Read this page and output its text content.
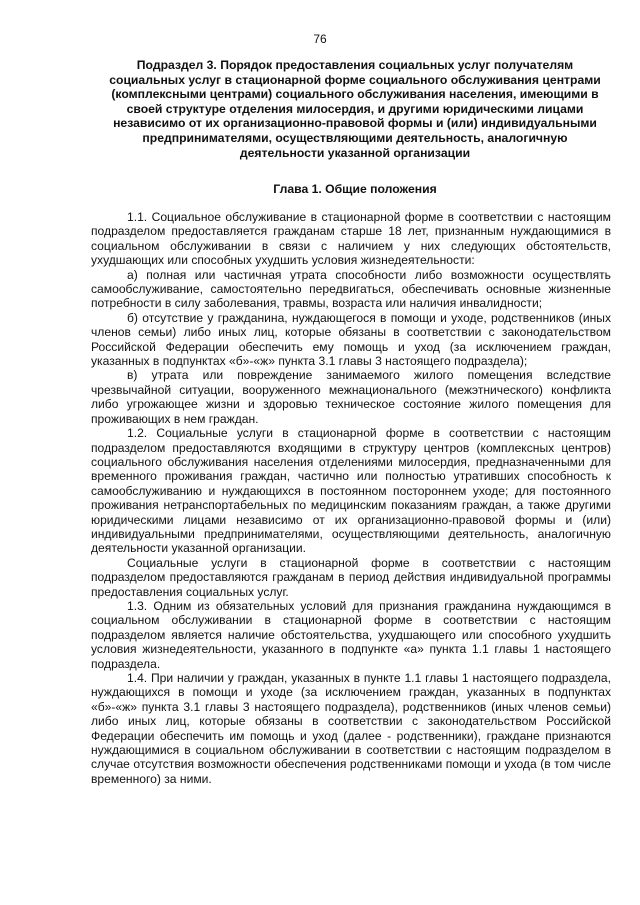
76
Подраздел 3. Порядок предоставления социальных услуг получателям социальных услуг в стационарной форме социального обслуживания центрами (комплексными центрами) социального обслуживания населения, имеющими в своей структуре отделения милосердия, и другими юридическими лицами независимо от их организационно-правовой формы и (или) индивидуальными предпринимателями, осуществляющими деятельность, аналогичную деятельности указанной организации
Глава 1. Общие положения

1.1. Социальное обслуживание в стационарной форме в соответствии с настоящим подразделом предоставляется гражданам старше 18 лет, признанным нуждающимися в социальном обслуживании в связи с наличием у них следующих обстоятельств, ухудшающих или способных ухудшить условия жизнедеятельности:

а) полная или частичная утрата способности либо возможности осуществлять самообслуживание, самостоятельно передвигаться, обеспечивать основные жизненные потребности в силу заболевания, травмы, возраста или наличия инвалидности;

б) отсутствие у гражданина, нуждающегося в помощи и уходе, родственников (иных членов семьи) либо иных лиц, которые обязаны в соответствии с законодательством Российской Федерации обеспечить ему помощь и уход (за исключением граждан, указанных в подпунктах «б»-«ж» пункта 3.1 главы 3 настоящего подраздела);

в) утрата или повреждение занимаемого жилого помещения вследствие чрезвычайной ситуации, вооруженного межнационального (межэтнического) конфликта либо угрожающее жизни и здоровью техническое состояние жилого помещения для проживающих в нем граждан.

1.2. Социальные услуги в стационарной форме в соответствии с настоящим подразделом предоставляются входящими в структуру центров (комплексных центров) социального обслуживания населения отделениями милосердия, предназначенными для временного проживания граждан, частично или полностью утративших способность к самообслуживанию и нуждающихся в постоянном постороннем уходе; для постоянного проживания нетранспортабельных по медицинским показаниям граждан, а также другими юридическими лицами независимо от их организационно-правовой формы и (или) индивидуальными предпринимателями, осуществляющими деятельность, аналогичную деятельности указанной организации.

Социальные услуги в стационарной форме в соответствии с настоящим подразделом предоставляются гражданам в период действия индивидуальной программы предоставления социальных услуг.

1.3. Одним из обязательных условий для признания гражданина нуждающимся в социальном обслуживании в стационарной форме в соответствии с настоящим подразделом является наличие обстоятельства, ухудшающего или способного ухудшить условия жизнедеятельности, указанного в подпункте «а» пункта 1.1 главы 1 настоящего подраздела.

1.4. При наличии у граждан, указанных в пункте 1.1 главы 1 настоящего подраздела, нуждающихся в помощи и уходе (за исключением граждан, указанных в подпунктах «б»-«ж» пункта 3.1 главы 3 настоящего подраздела), родственников (иных членов семьи) либо иных лиц, которые обязаны в соответствии с законодательством Российской Федерации обеспечить им помощь и уход (далее - родственники), граждане признаются нуждающимися в социальном обслуживании в соответствии с настоящим подразделом в случае отсутствия возможности обеспечения родственниками помощи и ухода (в том числе временного) за ними.
